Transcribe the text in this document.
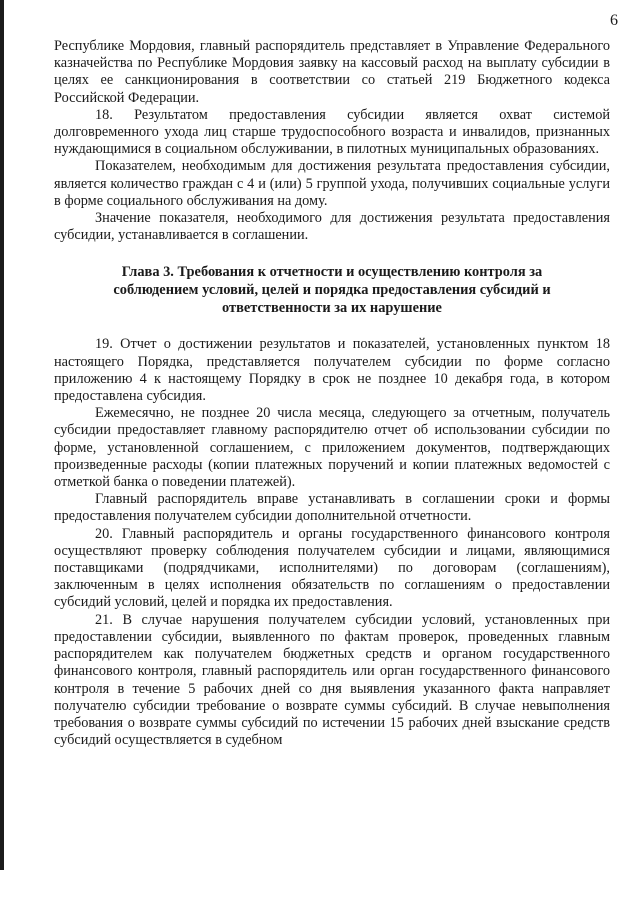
6

Республике Мордовия, главный распорядитель представляет в Управление Федерального казначейства по Республике Мордовия заявку на кассовый расход на выплату субсидии в целях ее санкционирования в соответствии со статьей 219 Бюджетного кодекса Российской Федерации.

18. Результатом предоставления субсидии является охват системой долговременного ухода лиц старше трудоспособного возраста и инвалидов, признанных нуждающимися в социальном обслуживании, в пилотных муниципальных образованиях.

Показателем, необходимым для достижения результата предоставления субсидии, является количество граждан с 4 и (или) 5 группой ухода, получивших социальные услуги в форме социального обслуживания на дому.

Значение показателя, необходимого для достижения результата предоставления субсидии, устанавливается в соглашении.

Глава 3. Требования к отчетности и осуществлению контроля за соблюдением условий, целей и порядка предоставления субсидий и ответственности за их нарушение

19. Отчет о достижении результатов и показателей, установленных пунктом 18 настоящего Порядка, представляется получателем субсидии по форме согласно приложению 4 к настоящему Порядку в срок не позднее 10 декабря года, в котором предоставлена субсидия.

Ежемесячно, не позднее 20 числа месяца, следующего за отчетным, получатель субсидии предоставляет главному распорядителю отчет об использовании субсидии по форме, установленной соглашением, с приложением документов, подтверждающих произведенные расходы (копии платежных поручений и копии платежных ведомостей с отметкой банка о поведении платежей).

Главный распорядитель вправе устанавливать в соглашении сроки и формы предоставления получателем субсидии дополнительной отчетности.

20. Главный распорядитель и органы государственного финансового контроля осуществляют проверку соблюдения получателем субсидии и лицами, являющимися поставщиками (подрядчиками, исполнителями) по договорам (соглашениям), заключенным в целях исполнения обязательств по соглашениям о предоставлении субсидий условий, целей и порядка их предоставления.

21. В случае нарушения получателем субсидии условий, установленных при предоставлении субсидии, выявленного по фактам проверок, проведенных главным распорядителем как получателем бюджетных средств и органом государственного финансового контроля, главный распорядитель или орган государственного финансового контроля в течение 5 рабочих дней со дня выявления указанного факта направляет получателю субсидии требование о возврате суммы субсидий. В случае невыполнения требования о возврате суммы субсидий по истечении 15 рабочих дней взыскание средств субсидий осуществляется в судебном
